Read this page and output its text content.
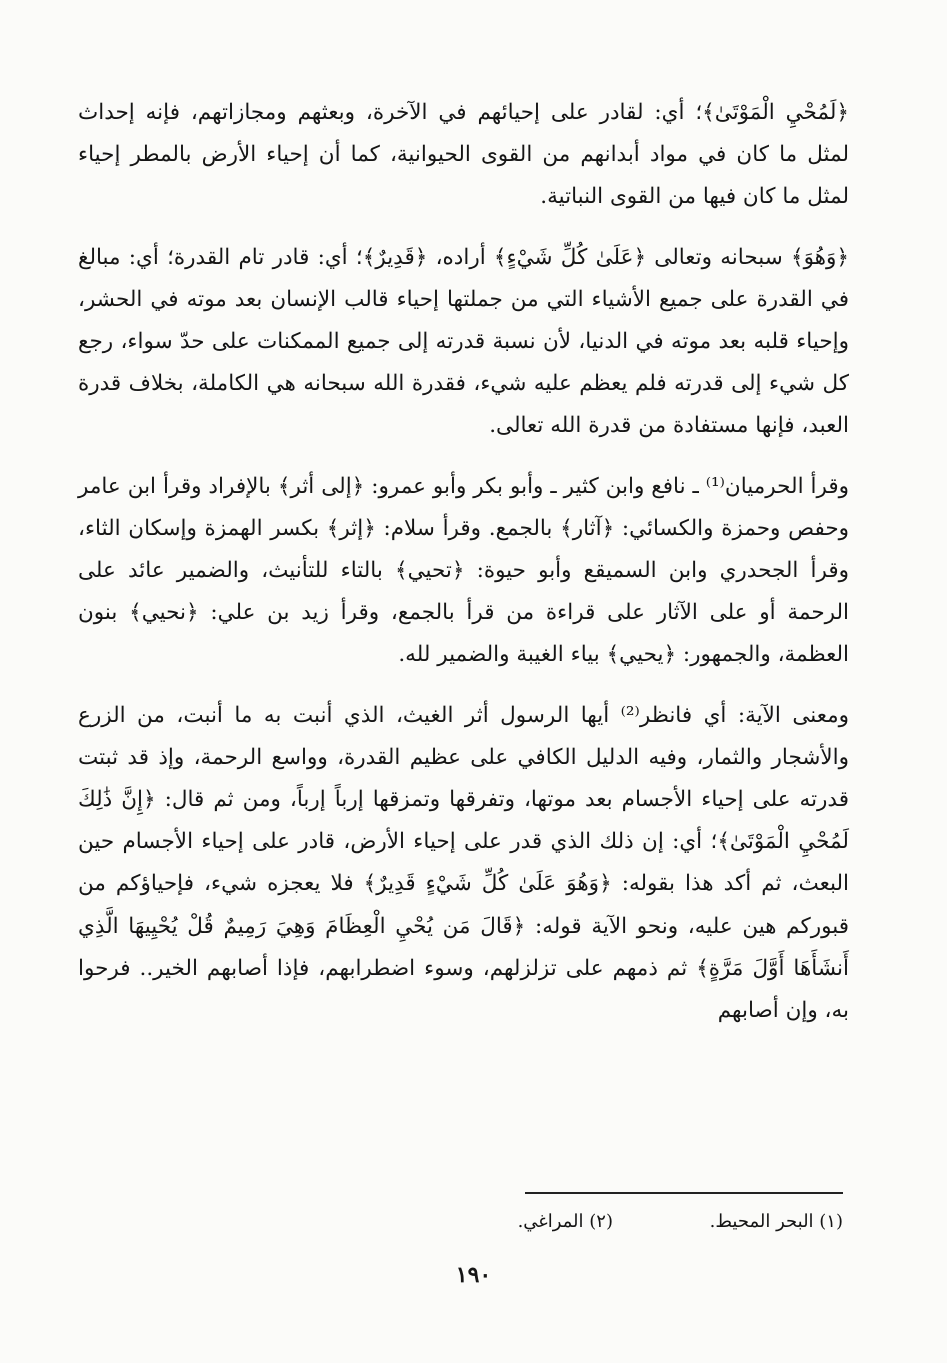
﴿لَمُحْيِ الْمَوْتَىٰ﴾؛ أي: لقادر على إحيائهم في الآخرة، وبعثهم ومجازاتهم، فإنه إحداث لمثل ما كان في مواد أبدانهم من القوى الحيوانية، كما أن إحياء الأرض بالمطر إحياء لمثل ما كان فيها من القوى النباتية.

﴿وَهُوَ﴾ سبحانه وتعالى ﴿عَلَىٰ كُلِّ شَيْءٍ﴾ أراده، ﴿قَدِيرٌ﴾؛ أي: قادر تام القدرة؛ أي: مبالغ في القدرة على جميع الأشياء التي من جملتها إحياء قالب الإنسان بعد موته في الحشر، وإحياء قلبه بعد موته في الدنيا، لأن نسبة قدرته إلى جميع الممكنات على حدّ سواء، رجع كل شيء إلى قدرته فلم يعظم عليه شيء، فقدرة الله سبحانه هي الكاملة، بخلاف قدرة العبد، فإنها مستفادة من قدرة الله تعالى.

وقرأ الحرميان⁽¹⁾ ـ نافع وابن كثير ـ وأبو بكر وأبو عمرو: ﴿إلى أثر﴾ بالإفراد وقرأ ابن عامر وحفص وحمزة والكسائي: ﴿آثار﴾ بالجمع. وقرأ سلام: ﴿إثر﴾ بكسر الهمزة وإسكان الثاء، وقرأ الجحدري وابن السميقع وأبو حيوة: ﴿تحيي﴾ بالتاء للتأنيث، والضمير عائد على الرحمة أو على الآثار على قراءة من قرأ بالجمع، وقرأ زيد بن علي: ﴿نحيي﴾ بنون العظمة، والجمهور: ﴿يحيي﴾ بياء الغيبة والضمير لله.

ومعنى الآية: أي فانظر⁽²⁾ أيها الرسول أثر الغيث، الذي أنبت به ما أنبت، من الزرع والأشجار والثمار، وفيه الدليل الكافي على عظيم القدرة، وواسع الرحمة، وإذ قد ثبتت قدرته على إحياء الأجسام بعد موتها، وتفرقها وتمزقها إرباً إرباً، ومن ثم قال: ﴿إِنَّ ذَٰلِكَ لَمُحْيِ الْمَوْتَىٰ﴾؛ أي: إن ذلك الذي قدر على إحياء الأرض، قادر على إحياء الأجسام حين البعث، ثم أكد هذا بقوله: ﴿وَهُوَ عَلَىٰ كُلِّ شَيْءٍ قَدِيرٌ﴾ فلا يعجزه شيء، فإحياؤكم من قبوركم هين عليه، ونحو الآية قوله: ﴿قَالَ مَن يُحْيِ الْعِظَامَ وَهِيَ رَمِيمٌ قُلْ يُحْيِيهَا الَّذِي أَنشَأَهَا أَوَّلَ مَرَّةٍ﴾ ثم ذمهم على تزلزلهم، وسوء اضطرابهم، فإذا أصابهم الخير.. فرحوا به، وإن أصابهم

(١) البحر المحيط.
(٢) المراغي.
١٩٠
